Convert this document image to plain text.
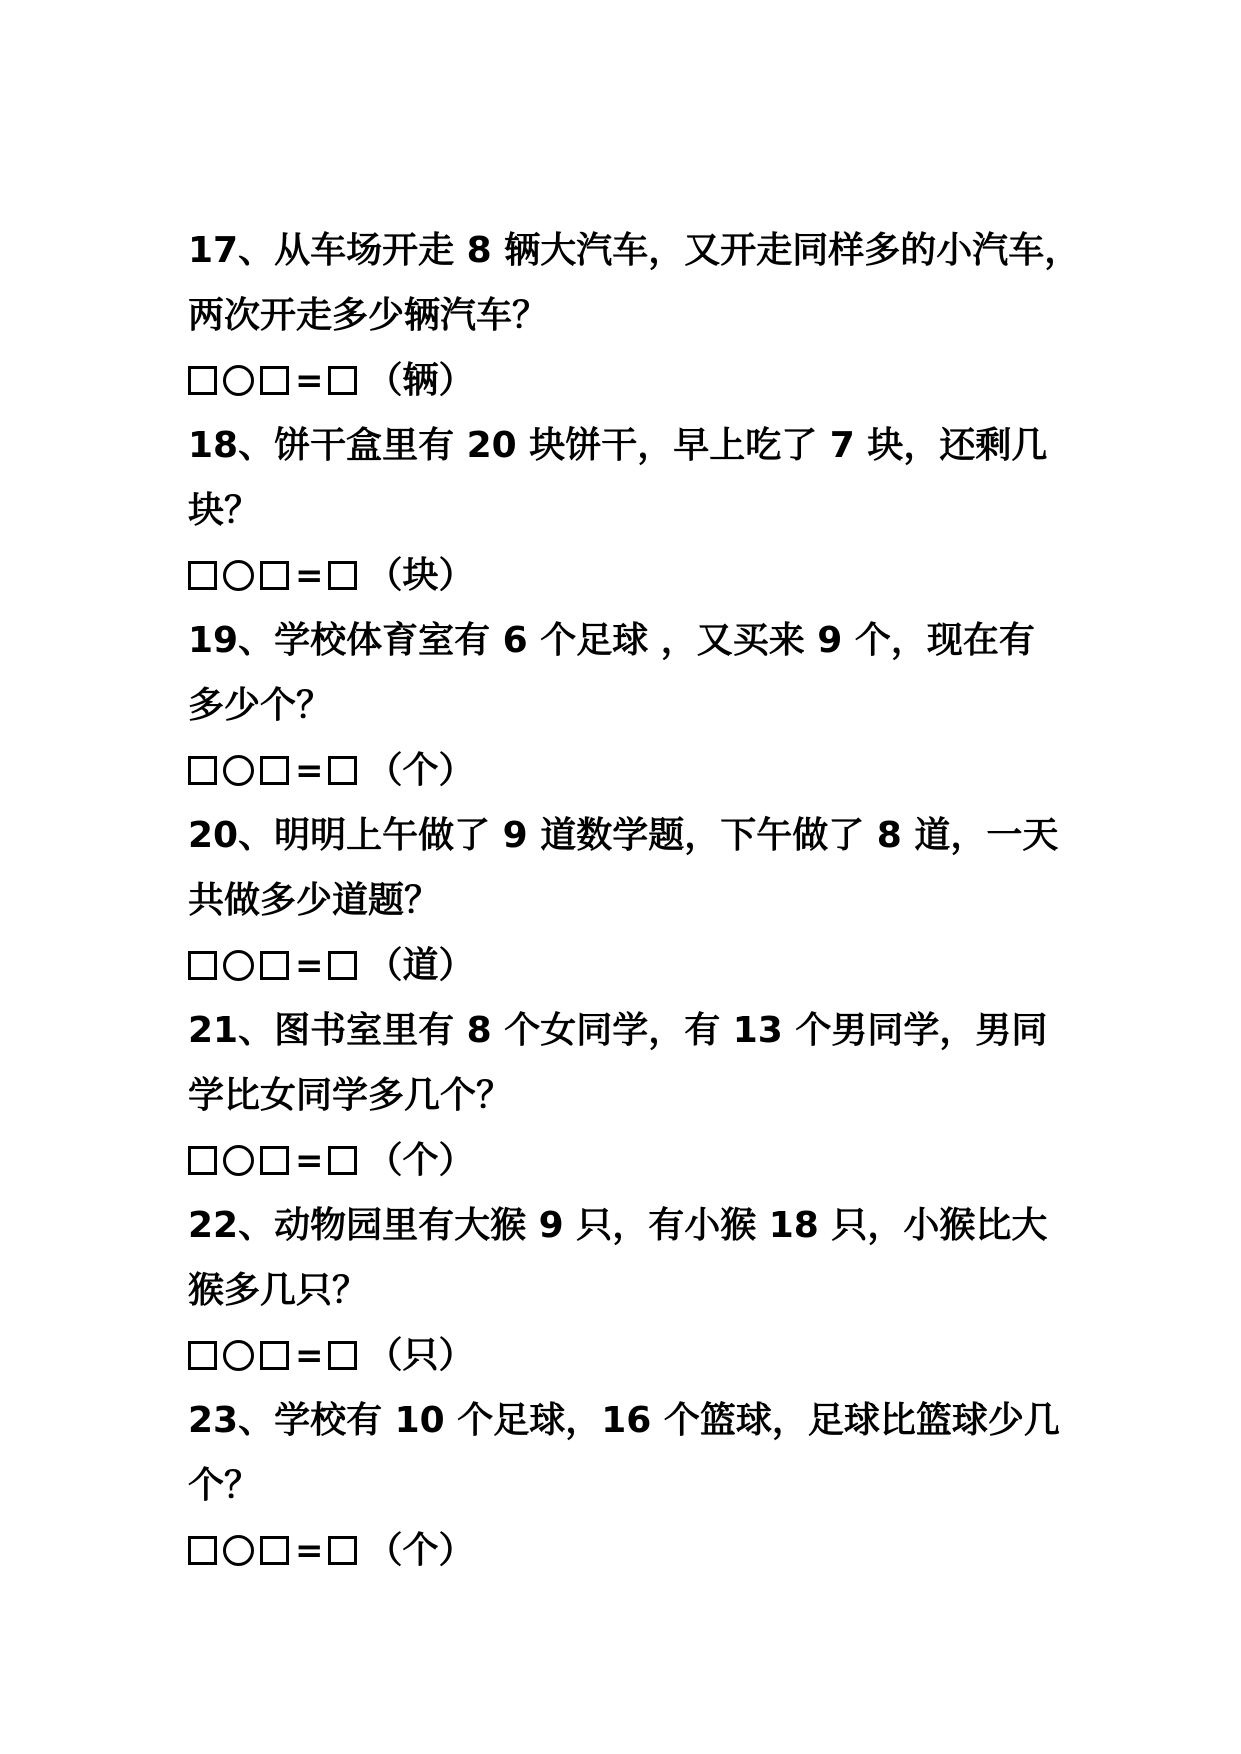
17、从车场开走 8 辆大汽车，又开走同样多的小汽车，
两次开走多少辆汽车？
= （辆）
18、饼干盒里有 20 块饼干，早上吃了 7 块，还剩几
块？
= （块）
19、学校体育室有 6 个足球 ，又买来 9 个，现在有
多少个？
= （个）
20、明明上午做了 9 道数学题，下午做了 8 道，一天
共做多少道题？
= （道）
21、图书室里有 8 个女同学，有 13 个男同学，男同
学比女同学多几个？
= （个）
22、动物园里有大猴 9 只，有小猴 18 只，小猴比大
猴多几只？
= （只）
23、学校有 10 个足球，16 个篮球，足球比篮球少几
个？
= （个）
